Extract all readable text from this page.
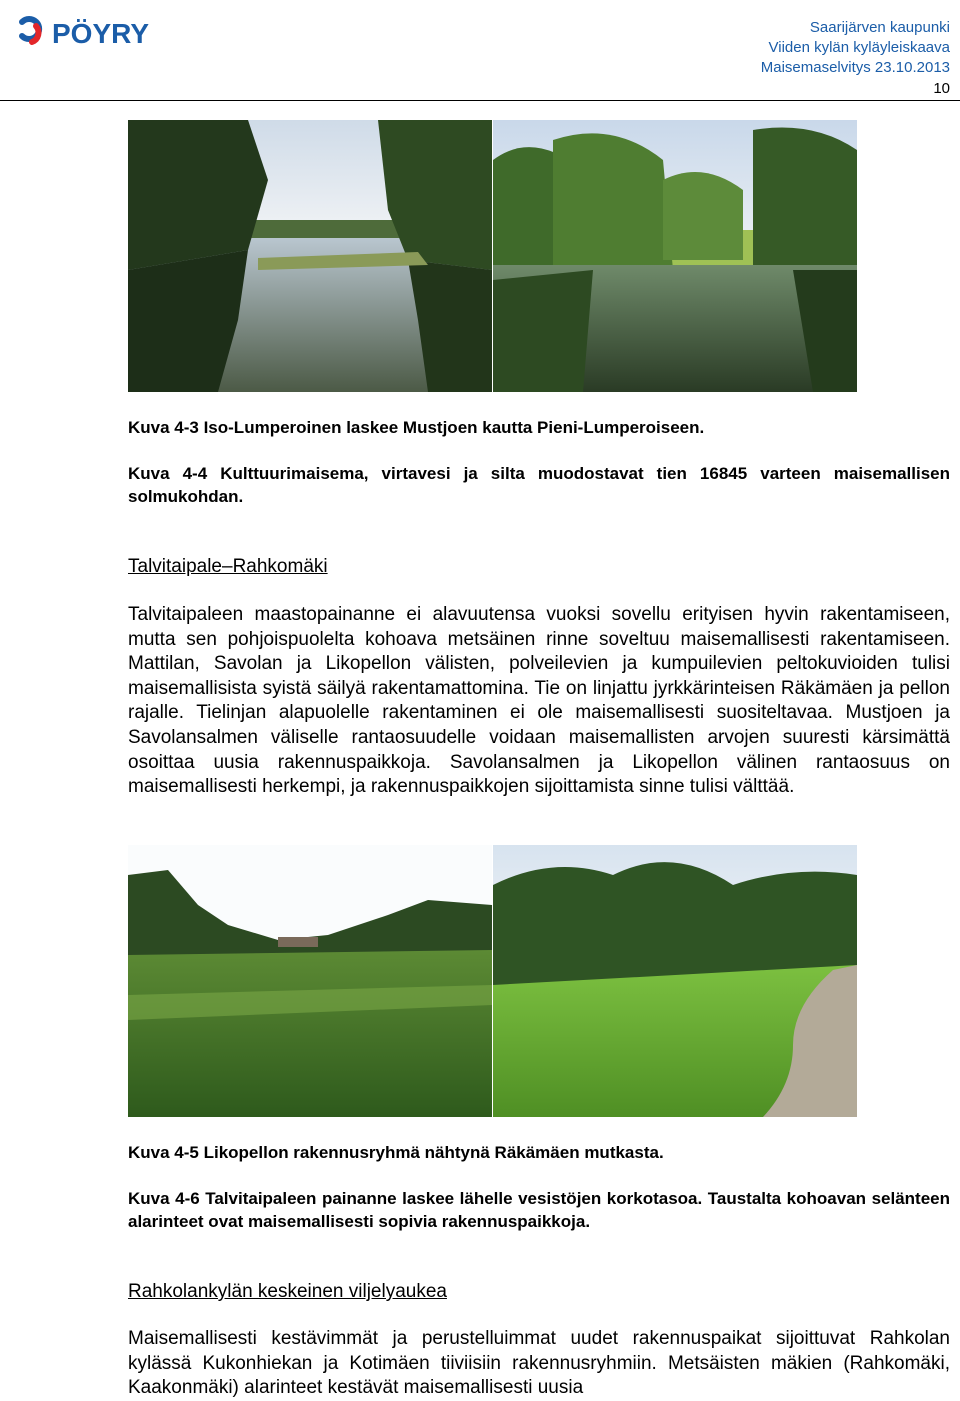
PÖYRY	Saarijärven kaupunki
Viiden kylän kyläyleiskaava
Maisemaselvitys 23.10.2013
10
Kuva 4-3 Iso-Lumperoinen laskee Mustjoen kautta Pieni-Lumperoiseen.
Kuva 4-4 Kulttuurimaisema, virtavesi ja silta muodostavat tien 16845 varteen maisemallisen solmukohdan.
Talvitaipale–Rahkomäki
Talvitaipaleen maastopainanne ei alavuutensa vuoksi sovellu erityisen hyvin rakentamiseen, mutta sen pohjoispuolelta kohoava metsäinen rinne soveltuu maisemallisesti rakentamiseen. Mattilan, Savolan ja Likopellon välisten, polveilevien ja kumpuilevien peltokuvioiden tulisi maisemallisista syistä säilyä rakentamattomina. Tie on linjattu jyrkkärinteisen Räkämäen ja pellon rajalle. Tielinjan alapuolelle rakentaminen ei ole maisemallisesti suositeltavaa. Mustjoen ja Savolansalmen väliselle rantaosuudelle voidaan maisemallisten arvojen suuresti kärsimättä osoittaa uusia rakennuspaikkoja. Savolansalmen ja Likopellon välinen rantaosuus on maisemallisesti herkempi, ja rakennuspaikkojen sijoittamista sinne tulisi välttää.
Kuva 4-5 Likopellon rakennusryhmä nähtynä Räkämäen mutkasta.
Kuva 4-6 Talvitaipaleen painanne laskee lähelle vesistöjen korkotasoa. Taustalta kohoavan selänteen alarinteet ovat maisemallisesti sopivia rakennuspaikkoja.
Rahkolankylän keskeinen viljelyaukea
Maisemallisesti kestävimmät ja perustelluimmat uudet rakennuspaikat sijoittuvat Rahkolan kylässä Kukonhiekan ja Kotimäen tiiviisiin rakennusryhmiin. Metsäisten mäkien (Rahkomäki, Kaakonmäki) alarinteet kestävät maisemallisesti uusia
